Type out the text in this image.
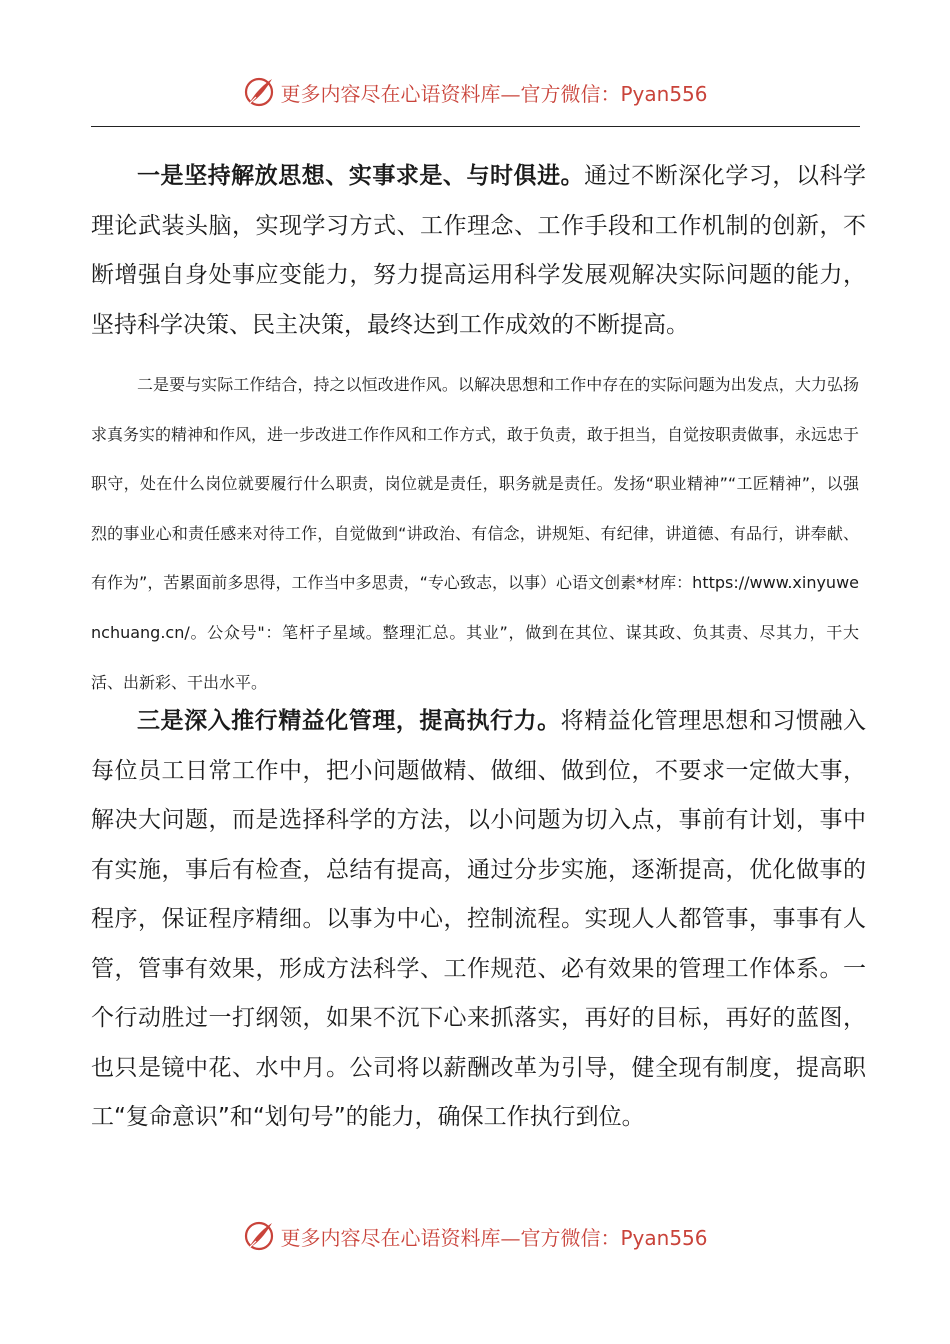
更多内容尽在心语资料库—官方微信：Pyan556

一是坚持解放思想、实事求是、与时俱进。通过不断深化学习，以科学理论武装头脑，实现学习方式、工作理念、工作手段和工作机制的创新，不断增强自身处事应变能力，努力提高运用科学发展观解决实际问题的能力，坚持科学决策、民主决策，最终达到工作成效的不断提高。

二是要与实际工作结合，持之以恒改进作风。以解决思想和工作中存在的实际问题为出发点，大力弘扬求真务实的精神和作风，进一步改进工作作风和工作方式，敢于负责，敢于担当，自觉按职责做事，永远忠于职守，处在什么岗位就要履行什么职责，岗位就是责任，职务就是责任。发扬“职业精神”“工匠精神”，以强烈的事业心和责任感来对待工作，自觉做到“讲政治、有信念，讲规矩、有纪律，讲道德、有品行，讲奉献、有作为”，苦累面前多思得，工作当中多思责，“专心致志，以事）心语文创素*材库：https://www.xinyuwenchuang.cn/。公众号"：笔杆子星域。整理汇总。其业”，做到在其位、谋其政、负其责、尽其力，干大活、出新彩、干出水平。

三是深入推行精益化管理，提高执行力。将精益化管理思想和习惯融入每位员工日常工作中，把小问题做精、做细、做到位，不要求一定做大事，解决大问题，而是选择科学的方法，以小问题为切入点，事前有计划，事中有实施，事后有检查，总结有提高，通过分步实施，逐渐提高，优化做事的程序，保证程序精细。以事为中心，控制流程。实现人人都管事，事事有人管，管事有效果，形成方法科学、工作规范、必有效果的管理工作体系。一个行动胜过一打纲领，如果不沉下心来抓落实，再好的目标，再好的蓝图，也只是镜中花、水中月。公司将以薪酬改革为引导，健全现有制度，提高职工“复命意识”和“划句号”的能力，确保工作执行到位。

更多内容尽在心语资料库—官方微信：Pyan556
